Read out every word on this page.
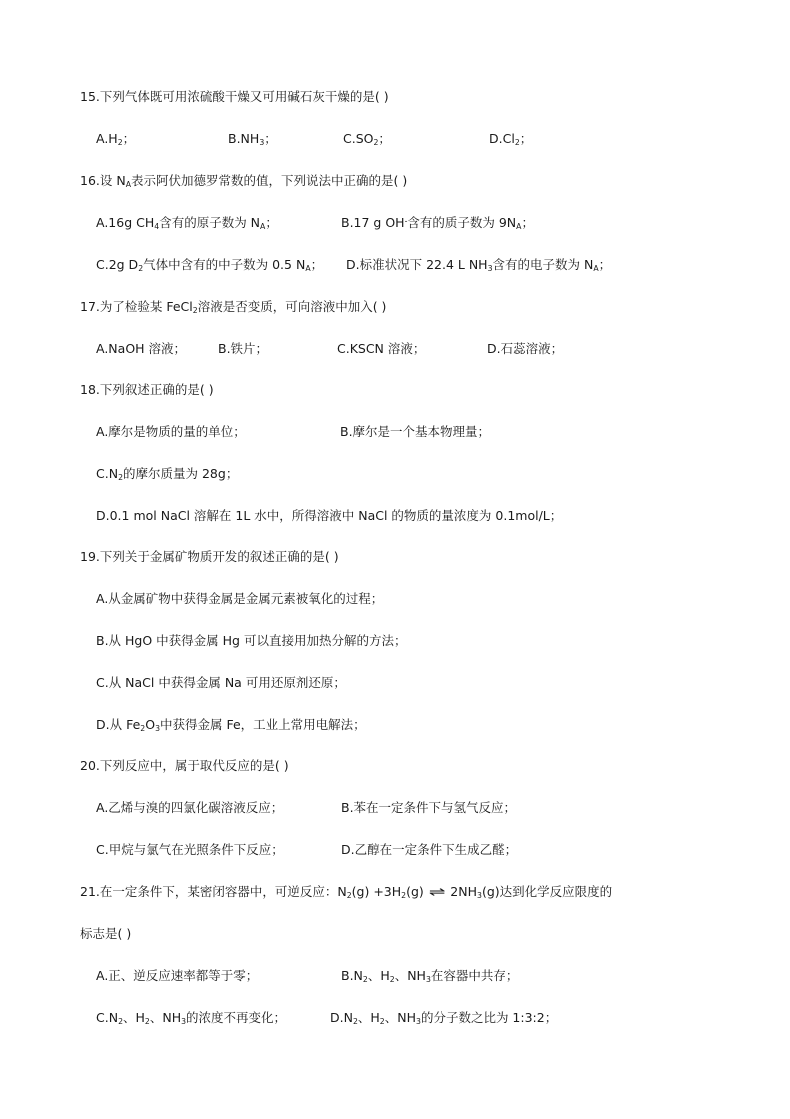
15.下列气体既可用浓硫酸干燥又可用碱石灰干燥的是( )
$A.H_2$；	$B.NH_3$；	$C.SO_2$；	$D.Cl_2$；
16.设 $N_A$表示阿伏加德罗常数的值，下列说法中正确的是( )
A.16g $CH_4$含有的原子数为 $N_A$；	B.17 g OH-含有的质子数为 $9N_A$；
C.2g $D_2$气体中含有的中子数为 0.5 $N_A$； D.标准状况下 22.4 L $NH_3$含有的电子数为 $N_A$；
17.为了检验某 FeCl$_2$溶液是否变质，可向溶液中加入( )
A.NaOH 溶液；	B.铁片；	C.KSCN 溶液；	D.石蕊溶液；
18.下列叙述正确的是( )
A.摩尔是物质的量的单位；	B.摩尔是一个基本物理量；
$C.N_2$的摩尔质量为 28g；
D.0.1 mol NaCl 溶解在 1L 水中，所得溶液中 NaCl 的物质的量浓度为 0.1mol/L；
19.下列关于金属矿物质开发的叙述正确的是( )
A.从金属矿物中获得金属是金属元素被氧化的过程；
B.从 HgO 中获得金属 Hg 可以直接用加热分解的方法；
C.从 NaCl 中获得金属 Na 可用还原剂还原；
D.从 $Fe_2O_3$中获得金属 Fe，工业上常用电解法；
20.下列反应中，属于取代反应的是( )
A.乙烯与溴的四氯化碳溶液反应；	B.苯在一定条件下与氢气反应；
C.甲烷与氯气在光照条件下反应；	D.乙醇在一定条件下生成乙醛；
21.在一定条件下，某密闭容器中，可逆反应：$N_2(g) +3H_2(g)$ ⇌ $2NH_3(g)$达到化学反应限度的
标志是( )
A.正、逆反应速率都等于零；	$B.N_2$、$H_2$、$NH_3$在容器中共存；
$C.N_2$、$H_2$、$NH_3$的浓度不再变化；	$D.N_2$、$H_2$、$NH_3$的分子数之比为 1:3:2；
